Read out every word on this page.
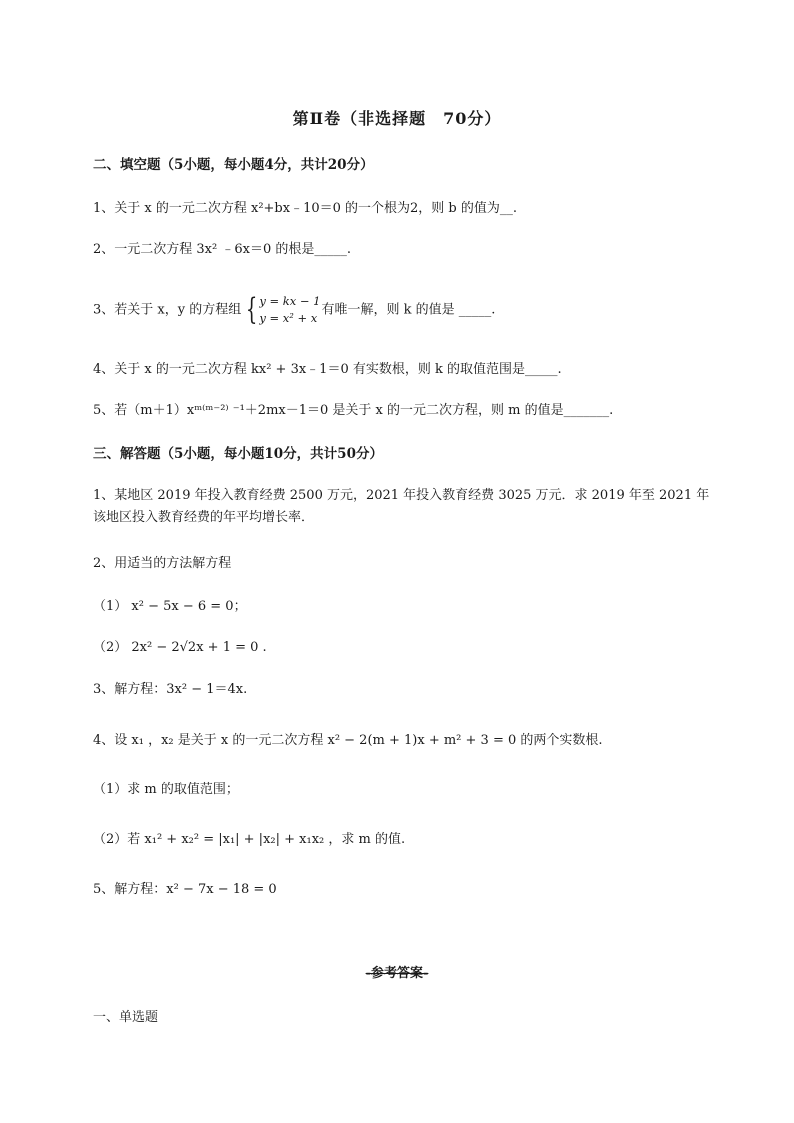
第Ⅱ卷（非选择题　70分）
二、填空题（5小题，每小题4分，共计20分）
1、关于 x 的一元二次方程 x²+bx﹣10＝0 的一个根为2，则 b 的值为__.
2、一元二次方程 3x² ﹣6x＝0 的根是_____.
3、若关于 x，y 的方程组 { y = kx − 1
y = x² + x
有唯一解，则 k 的值是 _____.
4、关于 x 的一元二次方程 kx² + 3x﹣1＝0 有实数根，则 k 的取值范围是_____.
5、若（m＋1）xᵐ⁽ᵐ⁻²⁾ ⁻¹＋2mx－1＝0 是关于 x 的一元二次方程，则 m 的值是_______.
三、解答题（5小题，每小题10分，共计50分）
1、某地区 2019 年投入教育经费 2500 万元，2021 年投入教育经费 3025 万元．求 2019 年至 2021 年
该地区投入教育经费的年平均增长率．
2、用适当的方法解方程
（1） x² − 5x − 6 = 0；
（2） 2x² − 2√2x + 1 = 0 .
3、解方程：3x² − 1＝4x.
4、设 x₁ ，x₂ 是关于 x 的一元二次方程 x² − 2(m + 1)x + m² + 3 = 0 的两个实数根.
（1）求 m 的取值范围；
（2）若 x₁² + x₂² = |x₁| + |x₂| + x₁x₂ ，求 m 的值.
5、解方程：x² − 7x − 18 = 0
-参考答案-
一、单选题
